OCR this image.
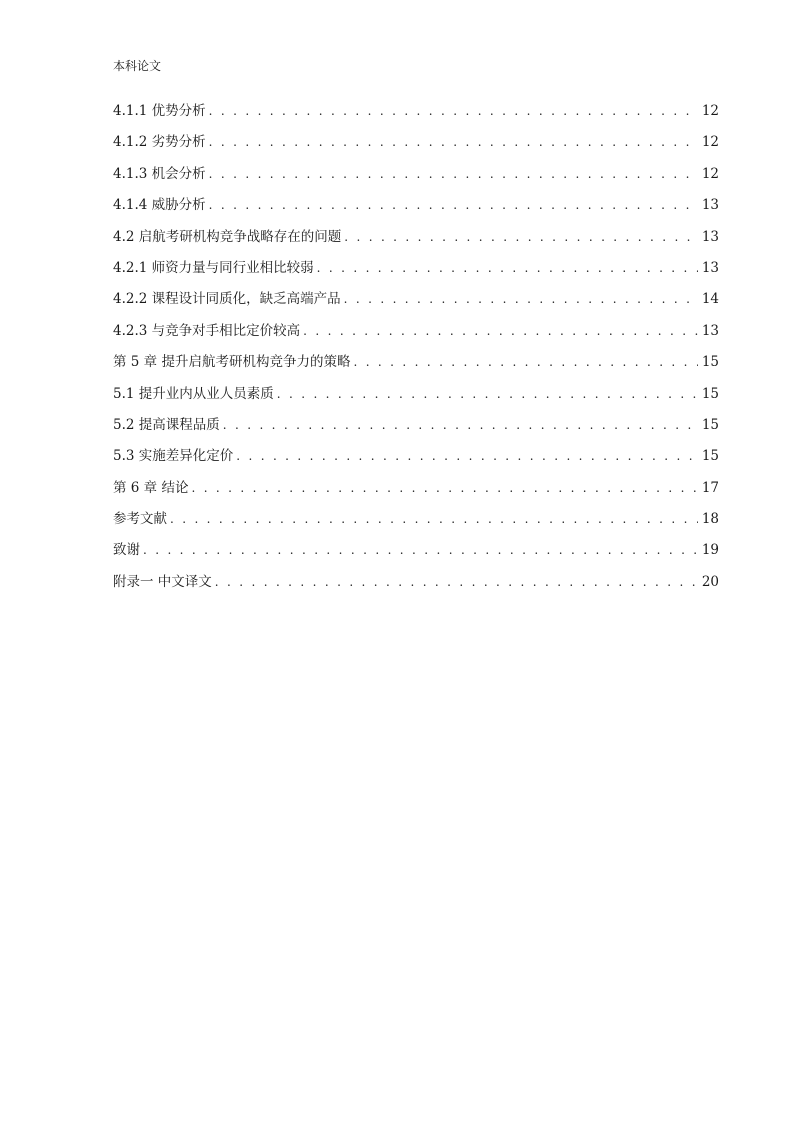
本科论文
4.1.1 优势分析 . . .	12
4.1.2 劣势分析 . . .	12
4.1.3 机会分析 . . .	12
4.1.4 威胁分析 . . .	13
4.2 启航考研机构竞争战略存在的问题 . . .	13
4.2.1 师资力量与同行业相比较弱 . . .	13
4.2.2 课程设计同质化，缺乏高端产品 . . .	14
4.2.3 与竞争对手相比定价较高 . . .	13
第 5 章 提升启航考研机构竞争力的策略 . . .	15
5.1 提升业内从业人员素质 . . .	15
5.2 提高课程品质 . . .	15
5.3 实施差异化定价 . . .	15
第 6 章 结论 . . .	17
参考文献 . . .	18
致谢 . . .	19
附录一 中文译文 . . .	20
